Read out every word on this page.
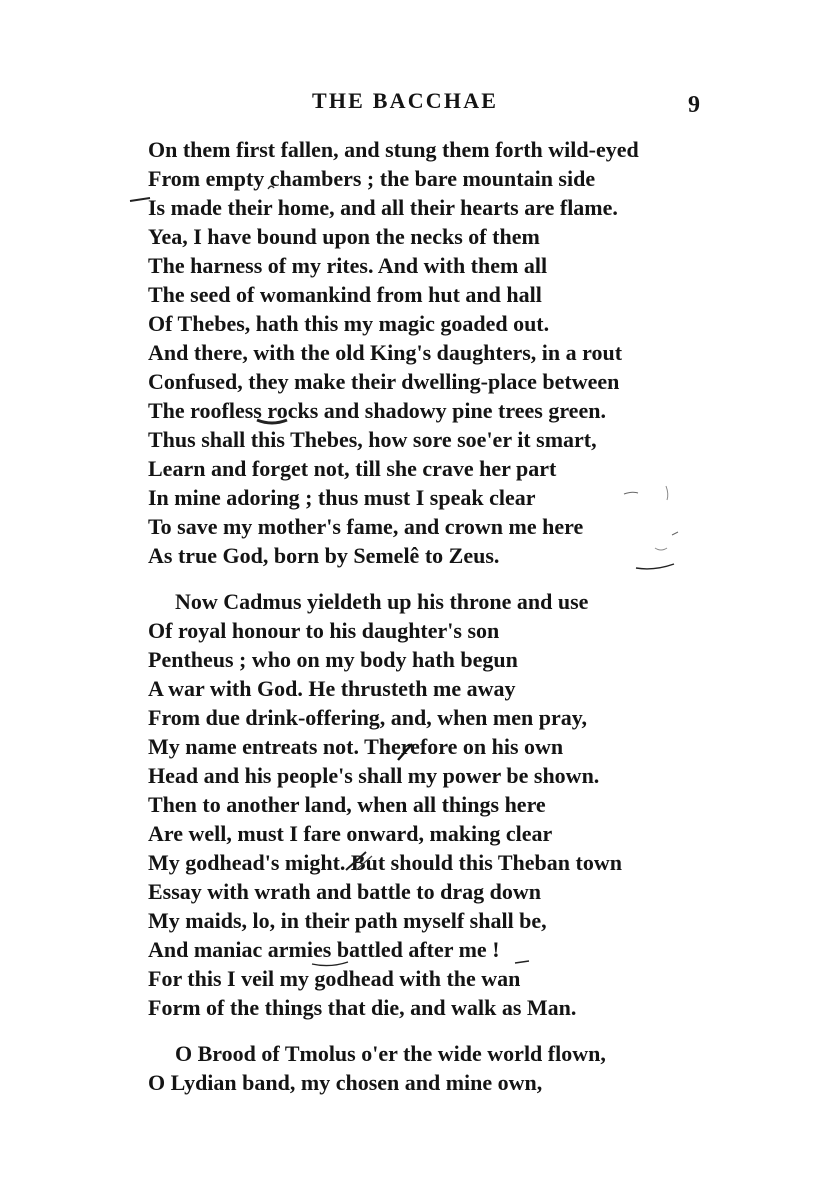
THE BACCHAE	9
On them first fallen, and stung them forth wild-eyed
From empty chambers ; the bare mountain side
Is made their home, and all their hearts are flame.
Yea, I have bound upon the necks of them
The harness of my rites. And with them all
The seed of womankind from hut and hall
Of Thebes, hath this my magic goaded out.
And there, with the old King's daughters, in a rout
Confused, they make their dwelling-place between
The roofless rocks and shadowy pine trees green.
Thus shall this Thebes, how sore soe'er it smart,
Learn and forget not, till she crave her part
In mine adoring ; thus must I speak clear
To save my mother's fame, and crown me here
As true God, born by Semelê to Zeus.
Now Cadmus yieldeth up his throne and use
Of royal honour to his daughter's son
Pentheus ; who on my body hath begun
A war with God. He thrusteth me away
From due drink-offering, and, when men pray,
My name entreats not. Therefore on his own
Head and his people's shall my power be shown.
Then to another land, when all things here
Are well, must I fare onward, making clear
My godhead's might. But should this Theban town
Essay with wrath and battle to drag down
My maids, lo, in their path myself shall be,
And maniac armies battled after me !
For this I veil my godhead with the wan
Form of the things that die, and walk as Man.
O Brood of Tmolus o'er the wide world flown,
O Lydian band, my chosen and mine own,
